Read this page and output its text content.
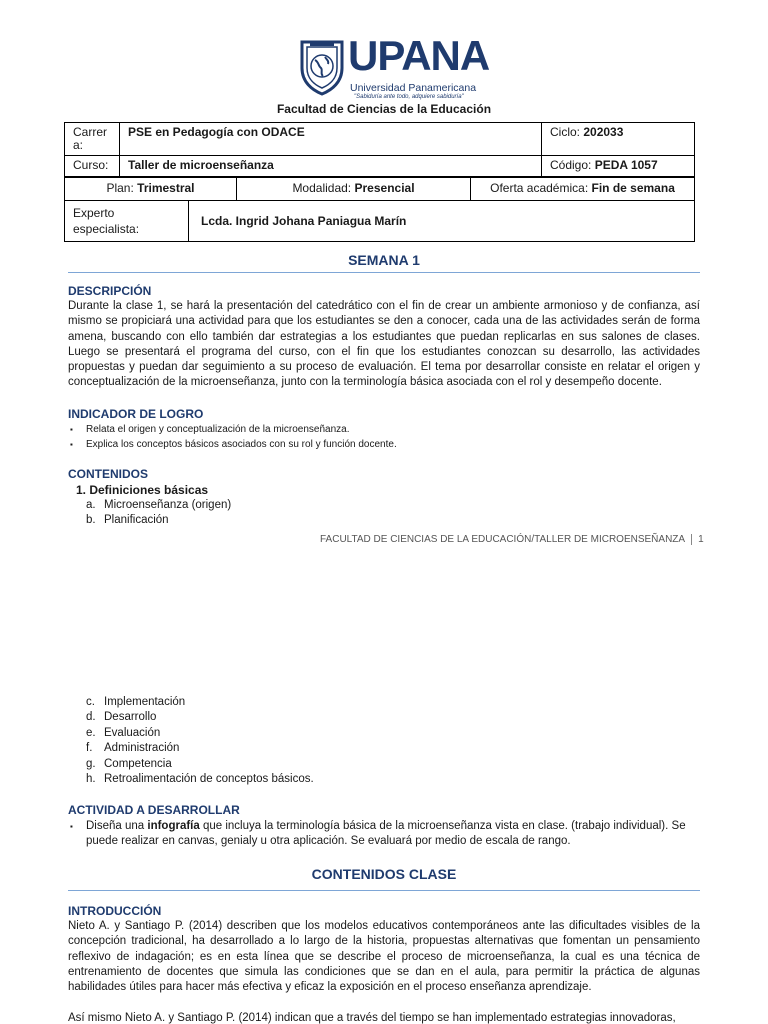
UPANA
Universidad Panamericana
"Sabiduría ante todo, adquiere sabiduría"
Facultad de Ciencias de la Educación
Carrer a:	PSE en Pedagogía con ODACE	Ciclo: 202033
Curso:	Taller de microenseñanza	Código: PEDA 1057
Plan: Trimestral	Modalidad: Presencial	Oferta académica: Fin de semana
Experto especialista:	Lcda. Ingrid Johana Paniagua Marín
SEMANA 1
DESCRIPCIÓN
Durante la clase 1, se hará la presentación del catedrático con el fin de crear un ambiente armonioso y de confianza, así mismo se propiciará una actividad para que los estudiantes se den a conocer, cada una de las actividades serán de forma amena, buscando con ello también dar estrategias a los estudiantes que puedan replicarlas en sus salones de clases. Luego se presentará el programa del curso, con el fin que los estudiantes conozcan su desarrollo, las actividades propuestas y puedan dar seguimiento a su proceso de evaluación. El tema por desarrollar consiste en relatar el origen y conceptualización de la microenseñanza, junto con la terminología básica asociada con el rol y desempeño docente.
INDICADOR DE LOGRO
▪ Relata el origen y conceptualización de la microenseñanza.
▪ Explica los conceptos básicos asociados con su rol y función docente.
CONTENIDOS
1. Definiciones básicas
a. Microenseñanza (origen)
b. Planificación
FACULTAD DE CIENCIAS DE LA EDUCACIÓN/TALLER DE MICROENSEÑANZA 1
c. Implementación
d. Desarrollo
e. Evaluación
f. Administración
g. Competencia
h. Retroalimentación de conceptos básicos.
ACTIVIDAD A DESARROLLAR
▪ Diseña una infografía que incluya la terminología básica de la microenseñanza vista en clase. (trabajo individual). Se puede realizar en canvas, genialy u otra aplicación. Se evaluará por medio de escala de rango.
CONTENIDOS CLASE
INTRODUCCIÓN
Nieto A. y Santiago P. (2014) describen que los modelos educativos contemporáneos ante las dificultades visibles de la concepción tradicional, ha desarrollado a lo largo de la historia, propuestas alternativas que fomentan un pensamiento reflexivo de indagación; es en esta línea que se describe el proceso de microenseñanza, la cual es una técnica de entrenamiento de docentes que simula las condiciones que se dan en el aula, para permitir la práctica de algunas habilidades útiles para hacer más efectiva y eficaz la exposición en el proceso enseñanza aprendizaje.
Así mismo Nieto A. y Santiago P. (2014) indican que a través del tiempo se han implementado estrategias innovadoras,
